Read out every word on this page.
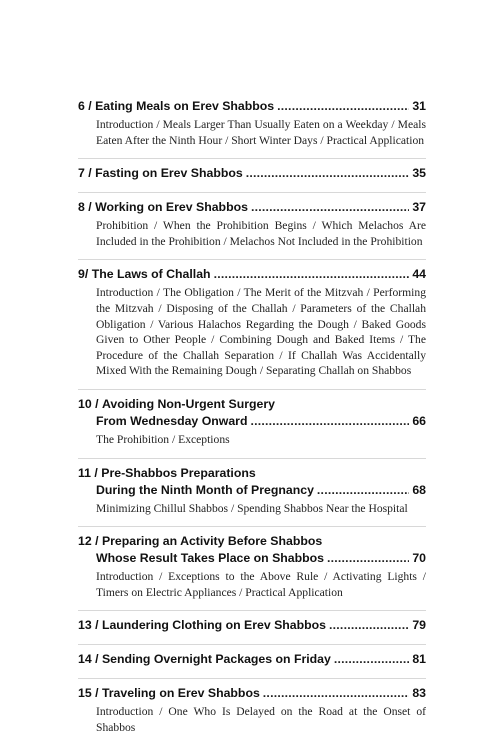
6 /
Eating Meals on Erev Shabbos . . .	31
Introduction / Meals Larger Than Usually Eaten on a Weekday / Meals Eaten After the Ninth Hour / Short Winter Days / Practical Application
7 /
Fasting on Erev Shabbos . . .	35
8 /
Working on Erev Shabbos . . .	37
Prohibition / When the Prohibition Begins / Which Melachos Are Included in the Prohibition / Melachos Not Included in the Prohibition
9/
The Laws of Challah . . .	44
Introduction / The Obligation / The Merit of the Mitzvah / Performing the Mitzvah / Disposing of the Challah / Parameters of the Challah Obligation / Various Halachos Regarding the Dough / Baked Goods Given to Other People / Combining Dough and Baked Items / The Procedure of the Challah Separation / If Challah Was Accidentally Mixed With the Remaining Dough / Separating Challah on Shabbos
10 / Avoiding Non-Urgent Surgery
From Wednesday Onward . . .	66
The Prohibition / Exceptions
11 / Pre-Shabbos Preparations
During the Ninth Month of Pregnancy . . .	68
Minimizing Chillul Shabbos / Spending Shabbos Near the Hospital
12 / Preparing an Activity Before Shabbos
Whose Result Takes Place on Shabbos . . .	70
Introduction / Exceptions to the Above Rule / Activating Lights / Timers on Electric Appliances / Practical Application
13 /
Laundering Clothing on Erev Shabbos . . .	79
14 /
Sending Overnight Packages on Friday . . .	81
15 /
Traveling on Erev Shabbos . . .	83
Introduction / One Who Is Delayed on the Road at the Onset of Shabbos
